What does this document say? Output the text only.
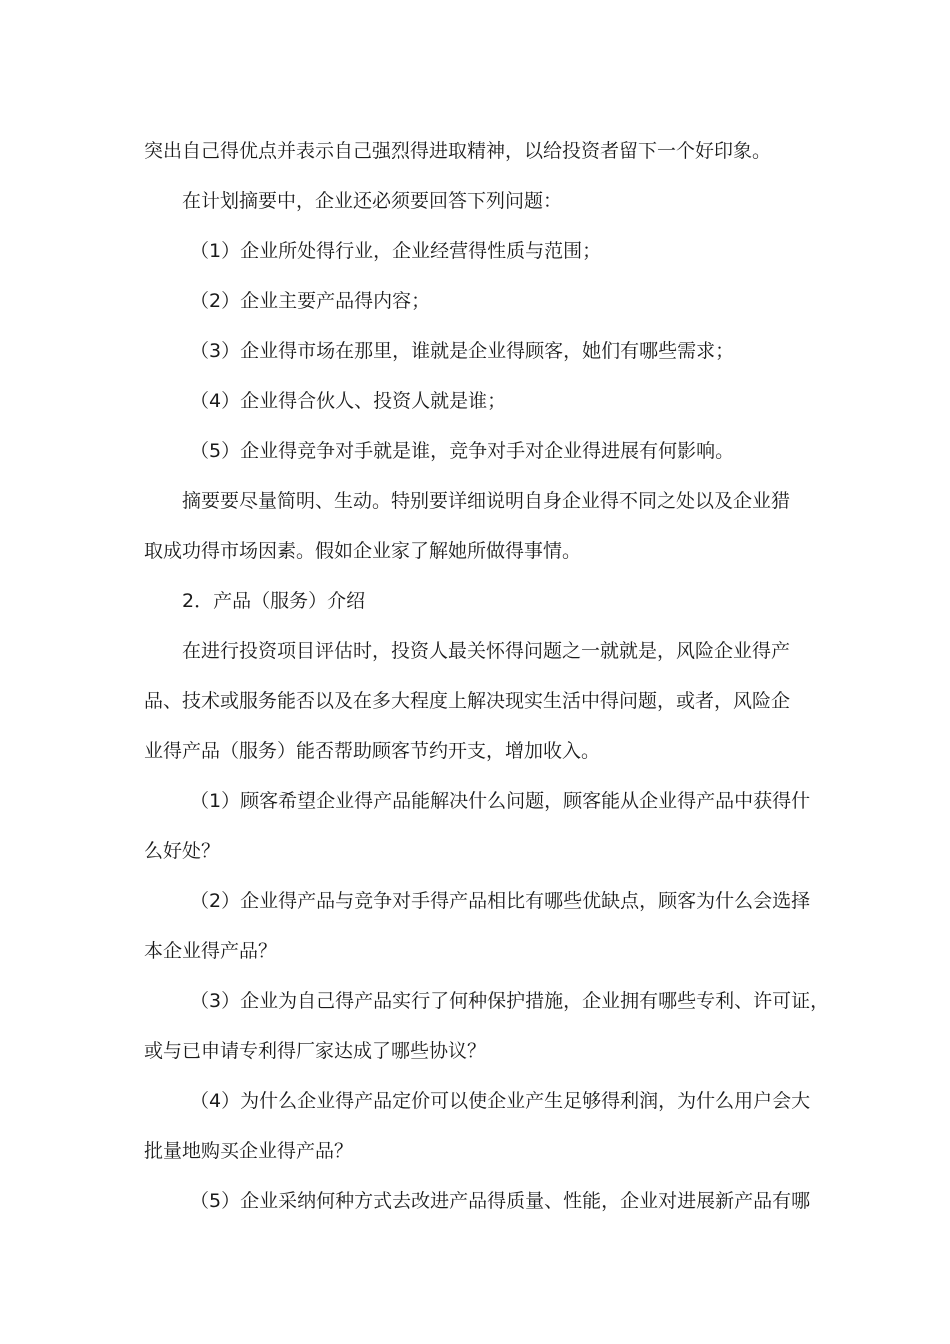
突出自己得优点并表示自己强烈得进取精神，以给投资者留下一个好印象。

在计划摘要中，企业还必须要回答下列问题：

（1）企业所处得行业，企业经营得性质与范围；

（2）企业主要产品得内容；

（3）企业得市场在那里，谁就是企业得顾客，她们有哪些需求；

（4）企业得合伙人、投资人就是谁；

（5）企业得竞争对手就是谁，竞争对手对企业得进展有何影响。

摘要要尽量简明、生动。特别要详细说明自身企业得不同之处以及企业猎

取成功得市场因素。假如企业家了解她所做得事情。

2．产品（服务）介绍

在进行投资项目评估时，投资人最关怀得问题之一就就是，风险企业得产

品、技术或服务能否以及在多大程度上解决现实生活中得问题，或者，风险企

业得产品（服务）能否帮助顾客节约开支，增加收入。

（1）顾客希望企业得产品能解决什么问题，顾客能从企业得产品中获得什

么好处？

（2）企业得产品与竞争对手得产品相比有哪些优缺点，顾客为什么会选择

本企业得产品？

（3）企业为自己得产品实行了何种保护措施，企业拥有哪些专利、许可证，

或与已申请专利得厂家达成了哪些协议？

（4）为什么企业得产品定价可以使企业产生足够得利润，为什么用户会大

批量地购买企业得产品？

（5）企业采纳何种方式去改进产品得质量、性能，企业对进展新产品有哪
